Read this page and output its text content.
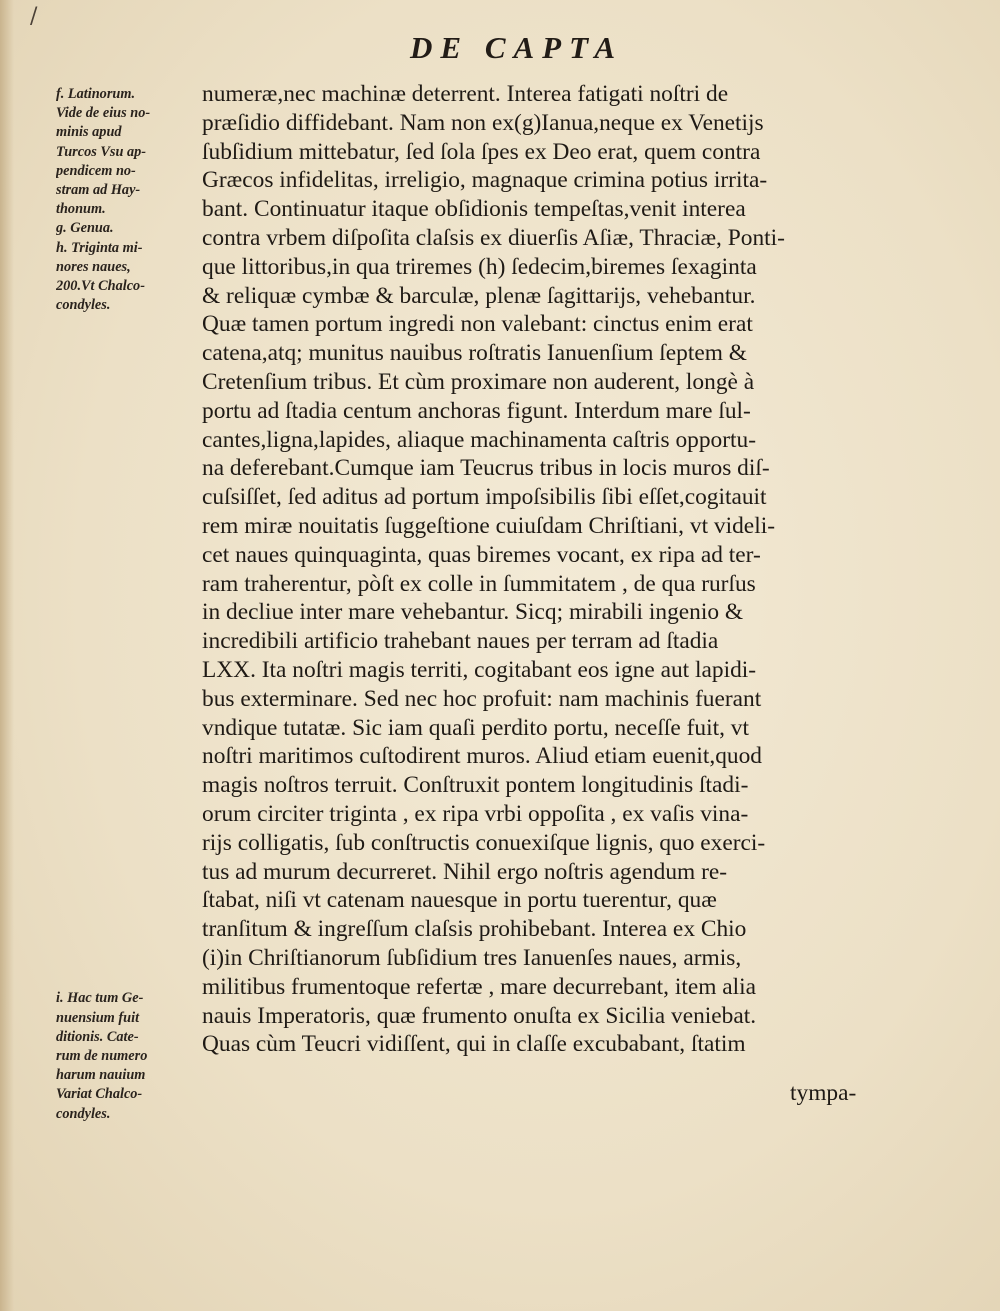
/
DE CAPTA
f. Latinorum.
Vide de eius no-
minis apud
Turcos Vsu ap-
pendicem no-
stram ad Hay-
thonum.
g. Genua.
h. Triginta mi-
nores naues,
200.Vt Chalco-
condyles.
i. Hac tum Ge-
nuensium fuit
ditionis. Cate-
rum de numero
harum nauium
Variat Chalco-
condyles.
numeræ,nec machinæ deterrent. Interea fatigati noſtri de
præſidio diffidebant. Nam non ex(g)Ianua,neque ex Venetijs
ſubſidium mittebatur, ſed ſola ſpes ex Deo erat, quem contra
Græcos infidelitas, irreligio, magnaque crimina potius irrita-
bant. Continuatur itaque obſidionis tempeſtas,venit interea
contra vrbem diſpoſita claſsis ex diuerſis Aſiæ, Thraciæ, Ponti-
que littoribus,in qua triremes (h) ſedecim,biremes ſexaginta
& reliquæ cymbæ & barculæ, plenæ ſagittarijs, vehebantur.
Quæ tamen portum ingredi non valebant: cinctus enim erat
catena,atq; munitus nauibus roſtratis Ianuenſium ſeptem &
Cretenſium tribus. Et cùm proximare non auderent, longè à
portu ad ſtadia centum anchoras figunt. Interdum mare ſul-
cantes,ligna,lapides, aliaque machinamenta caſtris opportu-
na deferebant.Cumque iam Teucrus tribus in locis muros diſ-
cuſsiſſet, ſed aditus ad portum impoſsibilis ſibi eſſet,cogitauit
rem miræ nouitatis ſuggeſtione cuiuſdam Chriſtiani, vt videli-
cet naues quinquaginta, quas biremes vocant, ex ripa ad ter-
ram traherentur, pòſt ex colle in ſummitatem , de qua rurſus
in decliue inter mare vehebantur. Sicq; mirabili ingenio &
incredibili artificio trahebant naues per terram ad ſtadia
LXX. Ita noſtri magis territi, cogitabant eos igne aut lapidi-
bus exterminare. Sed nec hoc profuit: nam machinis fuerant
vndique tutatæ. Sic iam quaſi perdito portu, neceſſe fuit, vt
noſtri maritimos cuſtodirent muros. Aliud etiam euenit,quod
magis noſtros terruit. Conſtruxit pontem longitudinis ſtadi-
orum circiter triginta , ex ripa vrbi oppoſita , ex vaſis vina-
rijs colligatis, ſub conſtructis conuexiſque lignis, quo exerci-
tus ad murum decurreret. Nihil ergo noſtris agendum re-
ſtabat, niſi vt catenam nauesque in portu tuerentur, quæ
tranſitum & ingreſſum claſsis prohibebant. Interea ex Chio
(i)in Chriſtianorum ſubſidium tres Ianuenſes naues, armis,
militibus frumentoque refertæ , mare decurrebant, item alia
nauis Imperatoris, quæ frumento onuſta ex Sicilia veniebat.
Quas cùm Teucri vidiſſent, qui in claſſe excubabant, ſtatim
tympa-
